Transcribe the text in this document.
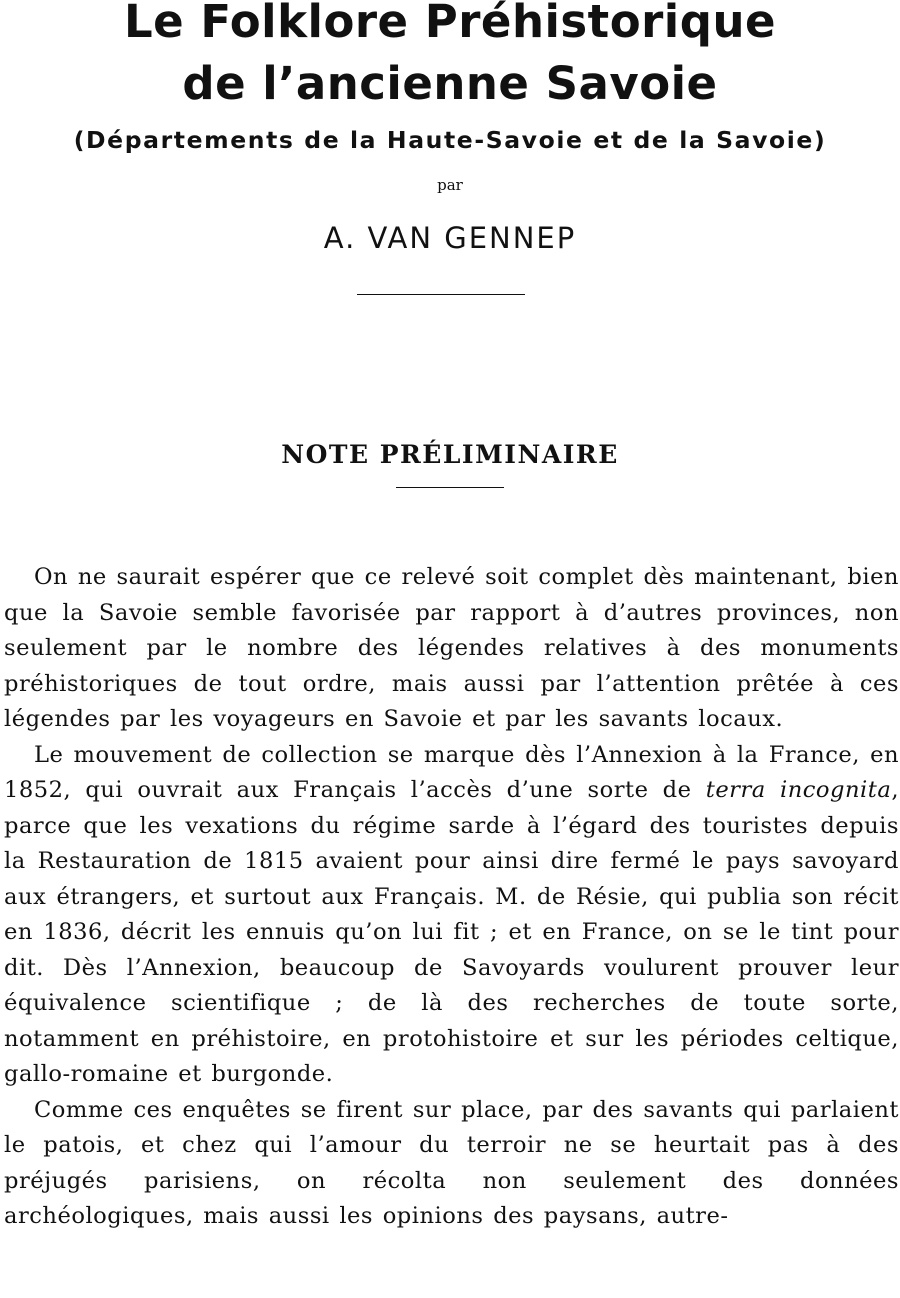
Le Folklore Préhistorique
de l’ancienne Savoie
(Départements de la Haute-Savoie et de la Savoie)
par
A. VAN GENNEP
NOTE PRÉLIMINAIRE

On ne saurait espérer que ce relevé soit complet dès maintenant, bien que la Savoie semble favorisée par rapport à d’autres provinces, non seulement par le nombre des légendes relatives à des monuments préhistoriques de tout ordre, mais aussi par l’attention prêtée à ces légendes par les voyageurs en Savoie et par les savants locaux.

Le mouvement de collection se marque dès l’Annexion à la France, en 1852, qui ouvrait aux Français l’accès d’une sorte de terra incognita, parce que les vexations du régime sarde à l’égard des touristes depuis la Restauration de 1815 avaient pour ainsi dire fermé le pays savoyard aux étrangers, et surtout aux Français. M. de Résie, qui publia son récit en 1836, décrit les ennuis qu’on lui fit ; et en France, on se le tint pour dit. Dès l’Annexion, beaucoup de Savoyards voulurent prouver leur équivalence scientifique ; de là des recherches de toute sorte, notamment en préhistoire, en protohistoire et sur les périodes celtique, gallo-romaine et burgonde.

Comme ces enquêtes se firent sur place, par des savants qui parlaient le patois, et chez qui l’amour du terroir ne se heurtait pas à des préjugés parisiens, on récolta non seulement des données archéologiques, mais aussi les opinions des paysans, autre-
